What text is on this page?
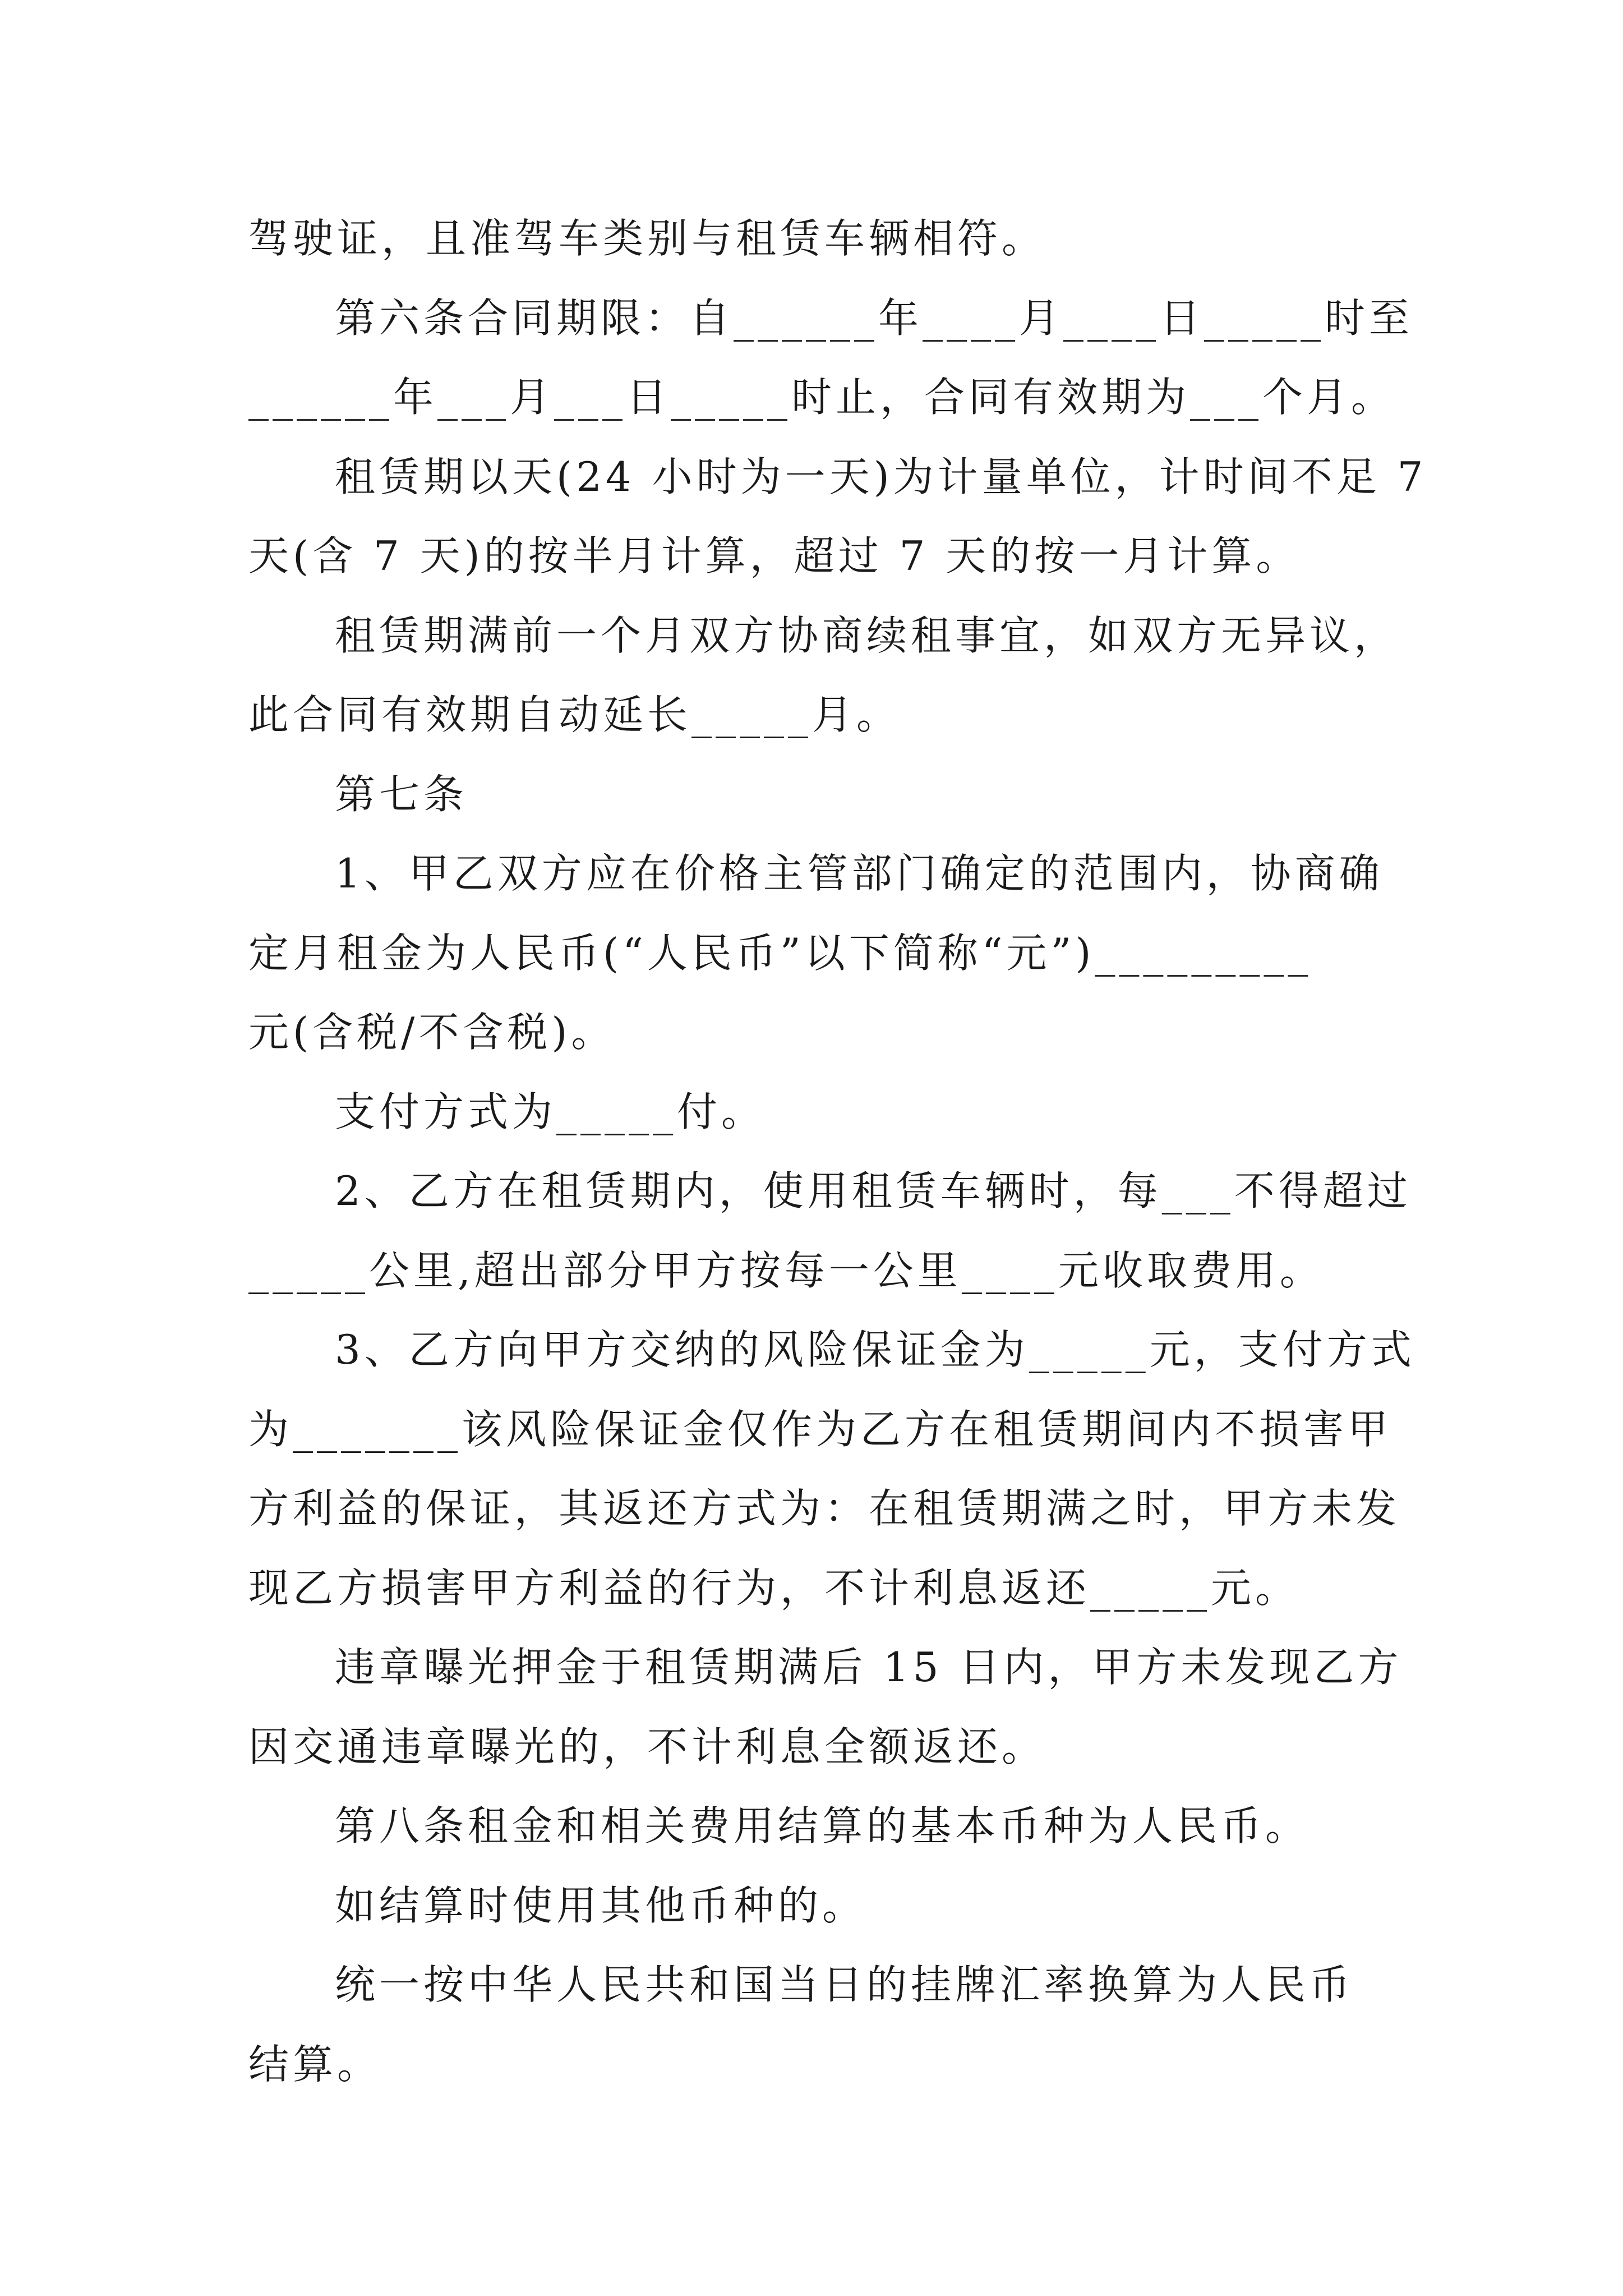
驾驶证，且准驾车类别与租赁车辆相符。
第六条合同期限：自______年____月____日_____时至
______年___月___日_____时止，合同有效期为___个月。
租赁期以天(24 小时为一天)为计量单位，计时间不足 7
天(含 7 天)的按半月计算，超过 7 天的按一月计算。
租赁期满前一个月双方协商续租事宜，如双方无异议，
此合同有效期自动延长_____月。
第七条
1、甲乙双方应在价格主管部门确定的范围内，协商确
定月租金为人民币(“人民币”以下简称“元”)_________
元(含税/不含税)。
支付方式为_____付。
2、乙方在租赁期内，使用租赁车辆时，每___不得超过
_____公里,超出部分甲方按每一公里____元收取费用。
3、乙方向甲方交纳的风险保证金为_____元，支付方式
为_______该风险保证金仅作为乙方在租赁期间内不损害甲
方利益的保证，其返还方式为：在租赁期满之时，甲方未发
现乙方损害甲方利益的行为，不计利息返还_____元。
违章曝光押金于租赁期满后 15 日内，甲方未发现乙方
因交通违章曝光的，不计利息全额返还。
第八条租金和相关费用结算的基本币种为人民币。
如结算时使用其他币种的。
统一按中华人民共和国当日的挂牌汇率换算为人民币
结算。
